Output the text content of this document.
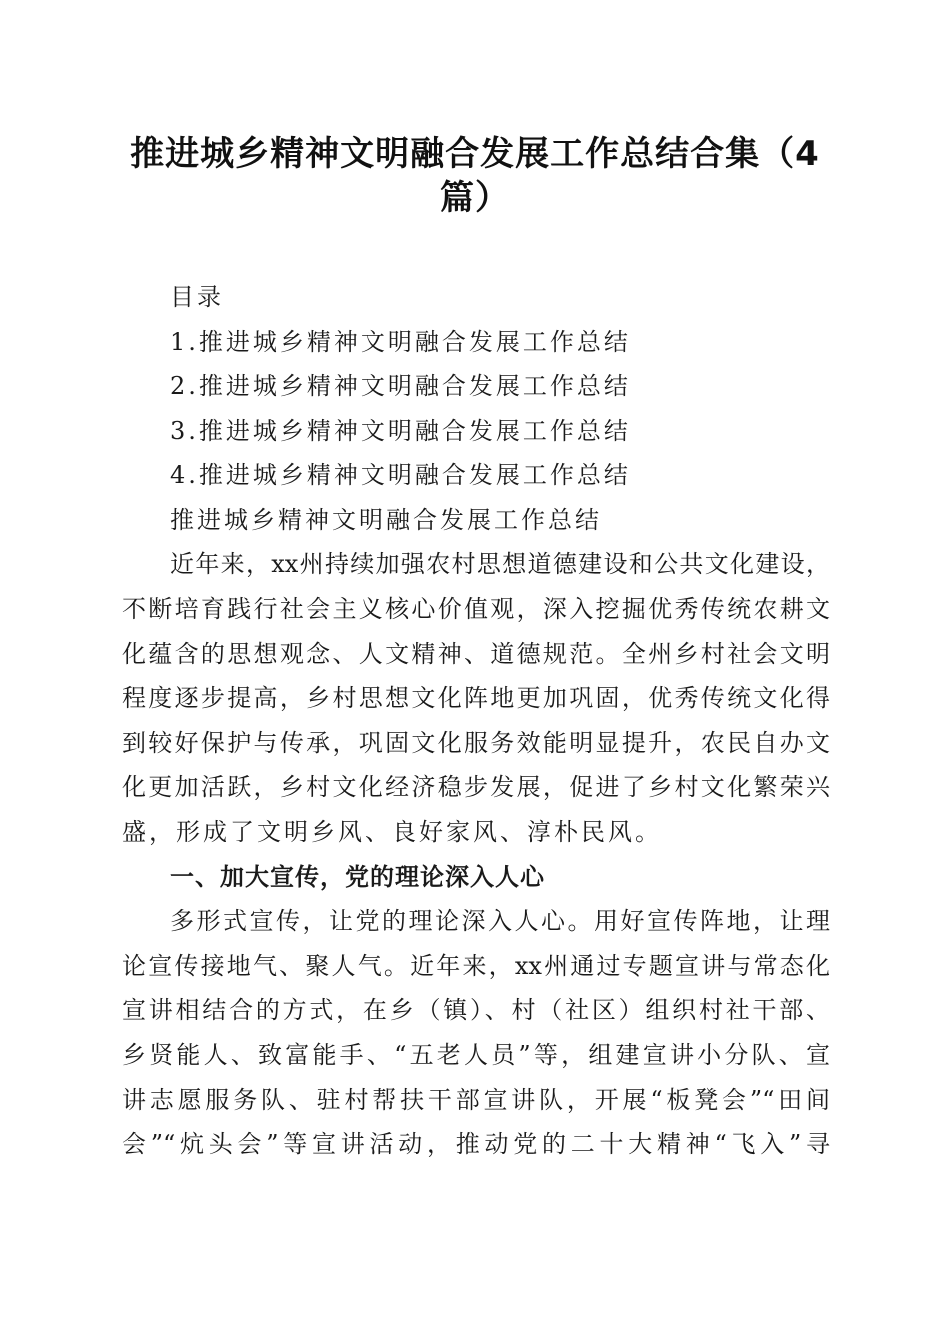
推进城乡精神文明融合发展工作总结合集（4
篇）
目录
1.推进城乡精神文明融合发展工作总结
2.推进城乡精神文明融合发展工作总结
3.推进城乡精神文明融合发展工作总结
4.推进城乡精神文明融合发展工作总结
推进城乡精神文明融合发展工作总结
近年来，xx州持续加强农村思想道德建设和公共文化建设，
不断培育践行社会主义核心价值观，深入挖掘优秀传统农耕文
化蕴含的思想观念、人文精神、道德规范。全州乡村社会文明
程度逐步提高，乡村思想文化阵地更加巩固，优秀传统文化得
到较好保护与传承，巩固文化服务效能明显提升，农民自办文
化更加活跃，乡村文化经济稳步发展，促进了乡村文化繁荣兴
盛，形成了文明乡风、良好家风、淳朴民风。
一、加大宣传，党的理论深入人心
多形式宣传，让党的理论深入人心。用好宣传阵地，让理
论宣传接地气、聚人气。近年来，xx州通过专题宣讲与常态化
宣讲相结合的方式，在乡（镇）、村（社区）组织村社干部、
乡贤能人、致富能手、“五老人员”等，组建宣讲小分队、宣
讲志愿服务队、驻村帮扶干部宣讲队，开展“板凳会”“田间
会”“炕头会”等宣讲活动，推动党的二十大精神“飞入”寻
